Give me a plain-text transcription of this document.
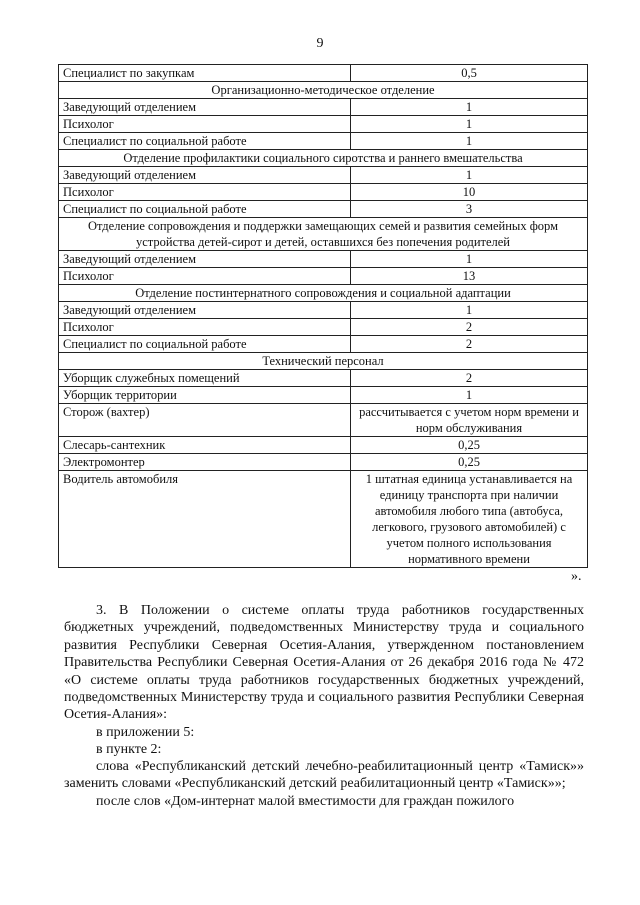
9
Специалист по закупкам	0,5
Организационно-методическое отделение	
Заведующий отделением	1
Психолог	1
Специалист по социальной работе	1
Отделение профилактики социального сиротства и раннего вмешательства	
Заведующий отделением	1
Психолог	10
Специалист по социальной работе	3
Отделение сопровождения и поддержки замещающих семей и развития семейных форм устройства детей-сирот и детей, оставшихся без попечения родителей	
Заведующий отделением	1
Психолог	13
Отделение постинтернатного сопровождения и социальной адаптации	
Заведующий отделением	1
Психолог	2
Специалист по социальной работе	2
Технический персонал	
Уборщик служебных помещений	2
Уборщик территории	1
Сторож (вахтер)	рассчитывается с учетом норм времени и норм обслуживания
Слесарь-сантехник	0,25
Электромонтер	0,25
Водитель автомобиля	1 штатная единица устанавливается на единицу транспорта при наличии автомобиля любого типа (автобуса, легкового, грузового автомобилей) с учетом полного использования нормативного времени
».

3. В Положении о системе оплаты труда работников государственных бюджетных учреждений, подведомственных Министерству труда и социального развития Республики Северная Осетия-Алания, утвержденном постановлением Правительства Республики Северная Осетия-Алания от 26 декабря 2016 года № 472 «О системе оплаты труда работников государственных бюджетных учреждений, подведомственных Министерству труда и социального развития Республики Северная Осетия-Алания»:

в приложении 5:

в пункте 2:

слова «Республиканский детский лечебно-реабилитационный центр «Тамиск»» заменить словами «Республиканский детский реабилитационный центр «Тамиск»»;

после слов «Дом-интернат малой вместимости для граждан пожилого
